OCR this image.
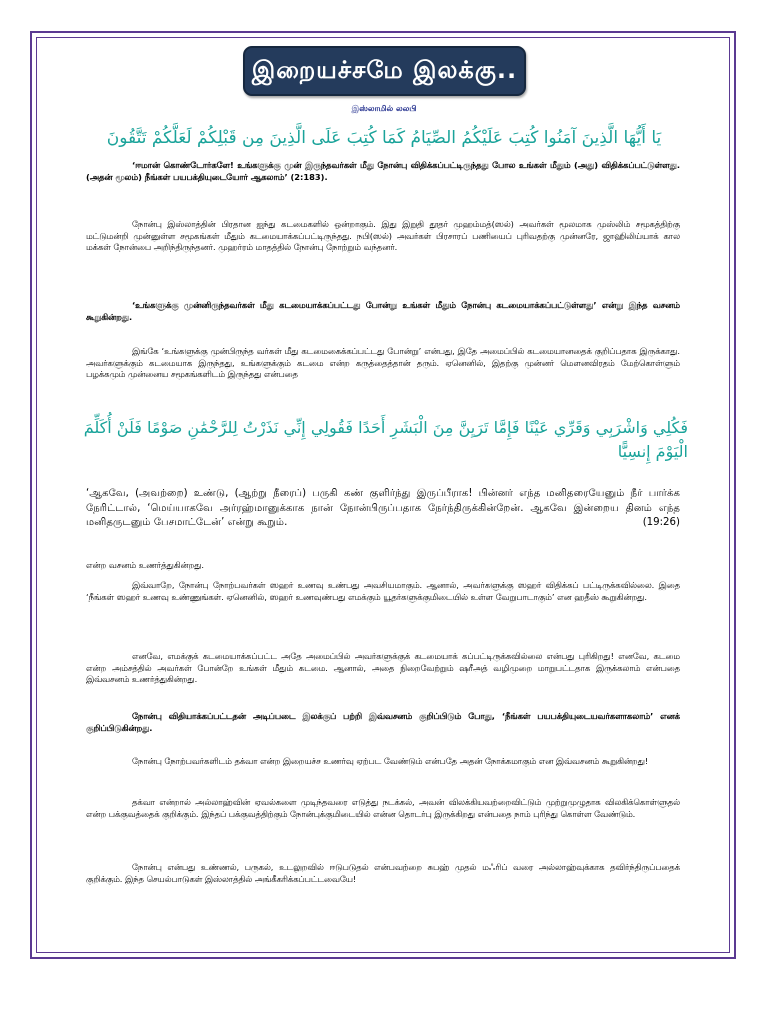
இறையச்சமே இலக்கு..
இஸ்லாமில் லலபி
يَا أَيُّهَا الَّذِينَ آمَنُوا كُتِبَ عَلَيْكُمُ الصِّيَامُ كَمَا كُتِبَ عَلَى الَّذِينَ مِن قَبْلِكُمْ لَعَلَّكُمْ تَتَّقُونَ

‘ஈமான் கொண்டோர்களே! உங்களுக்கு முன் இருந்தவர்கள் மீது நோன்பு விதிக்கப்பட்டிருந்தது போல உங்கள் மீதும் (அது) விதிக்கப்பட்டுள்ளது. (அதன் மூலம்) நீங்கள் பயபக்தியுடையோர் ஆகலாம்’ (2:183).

நோன்பு இஸ்லாத்தின் பிரதான ஐந்து கடமைகளில் ஒன்றாகும். இது இறுதி தூதர் முஹம்மத்(ஸல்) அவர்கள் மூலமாக முஸ்லிம் சமூகத்திற்கு மட்டுமன்றி முன்னுள்ள சமூகங்கள் மீதும் கடமையாக்கப்பட்டிருந்தது. நபி(ஸல்) அவர்கள் பிரசாரப் பணியைப் புரிவதற்கு முன்னரே, ஜாஹிலிய்யாக் கால மக்கள் நோன்பை அறிந்திருந்தனர். முஹர்ரம் மாதத்தில் நோன்பு நோற்றும் வந்தனர்.

‘உங்களுக்கு முன்னிருந்தவர்கள் மீது கடமையாக்கப்பட்டது போன்று உங்கள் மீதும் நோன்பு கடமையாக்கப்பட்டுள்ளது’ என்று இந்த வசனம் கூறுகின்றது.

இங்கே ‘உங்களுக்கு முன்பிருந்த வர்கள் மீது கடமைகைக்கப்பட்டது போன்று’ என்பது, இதே அமைப்பில் கடமையானதைக் குறிப்பதாக இருக்காது. அவர்களுக்கும் கடமையாக இருந்தது, உங்களுக்கும் கடமை என்ற கருத்தைத்தான் தரும். ஏனெனில், இதற்கு முன்னர் மௌனவிரதம் மேற்கொள்ளும் பழக்கமும் முன்னைய சமூகங்களிடம் இருந்தது என்பதை

فَكُلِي وَاشْرَبِي وَقَرِّي عَيْنًا فَإِمَّا تَرَيِنَّ مِنَ الْبَشَرِ أَحَدًا فَقُولِي إِنِّي نَذَرْتُ لِلرَّحْمَٰنِ صَوْمًا فَلَنْ أُكَلِّمَ الْيَوْمَ إِنسِيًّا
‘ஆகவே, (அவற்றை) உண்டு, (ஆற்று நீரைப்) பருகி கண் குளிர்ந்து இருப்பீராக! பின்னர் எந்த மனிதரையேனும் நீர் பார்க்க நேரிட்டால், ‘மெய்யாகவே அர்ரஹ்மானுக்காக நான் நோன்பிருப்பதாக நேர்ந்திருக்கின்றேன். ஆகவே இன்றைய தினம் எந்த மனிதருடனும் பேசமாட்டேன்’ என்று கூறும்.	(19:26)

என்ற வசனம் உணர்த்துகின்றது.

இவ்வாறே, நோன்பு நோற்பவர்கள் ஸஹர் உணவு உண்பது அவசியமாகும். ஆனால், அவர்களுக்கு ஸஹர் விதிக்கப் பட்டிருக்கவில்லை. இதை ‘நீங்கள் ஸஹர் உணவு உண்ணுங்கள். ஏனெனில், ஸஹர் உணவுண்பது எமக்கும் யூதர்களுக்குமிடையில் உள்ள வேறுபாடாகும்’ என ஹதீஸ் கூறுகின்றது.

எனவே, எமக்குக் கடமையாக்கப்பட்ட அதே அமைப்பில் அவர்களுக்குக் கடமையாக் கப்பட்டிருக்கவில்லை என்பது புரிகிறது! எனவே, கடமை என்ற அம்சத்தில் அவர்கள் போன்றே உங்கள் மீதும் கடமை. ஆனால், அதை நிறைவேற்றும் ஷரீஅத் வழிமுறை மாறுபட்டதாக இருக்கலாம் என்பதை இவ்வசனம் உணர்த்துகின்றது.

நோன்பு விதியாக்கப்பட்டதன் அடிப்படை இலக்குப் பற்றி இவ்வசனம் குறிப்பிடும் போது, ‘நீங்கள் பயபக்தியுடையவர்களாகலாம்’ எனக் குறிப்பிடுகின்றது.

நோன்பு நோற்பவர்களிடம் தக்வா என்ற இறையச்ச உணர்வு ஏற்பட வேண்டும் என்பதே அதன் நோக்கமாகும் என இவ்வசனம் கூறுகின்றது!

தக்வா என்றால் அல்லாஹ்வின் ஏவல்களை முடிந்தவரை எடுத்து நடக்கல், அவன் விலக்கியவற்றைவிட்டும் முற்றுமுழுதாக விலகிக்கொள்ளுதல் என்ற பக்குவத்தைக் குறிக்கும். இந்தப் பக்குவத்திற்கும் நோன்புக்குமிடையில் என்ன தொடர்பு இருக்கிறது என்பதை நாம் புரிந்து கொள்ள வேண்டும்.

நோன்பு என்பது உண்ணல், பருகல், உடலுறவில் ஈடுபடுதல் என்பவற்றை சுபஹ் முதல் மஃரிப் வரை அல்லாஹ்வுக்காக தவிர்ந்திருப்பதைக் குறிக்கும். இந்த செயல்பாடுகள் இஸ்லாத்தில் அங்கீகரிக்கப்பட்டவையே!
